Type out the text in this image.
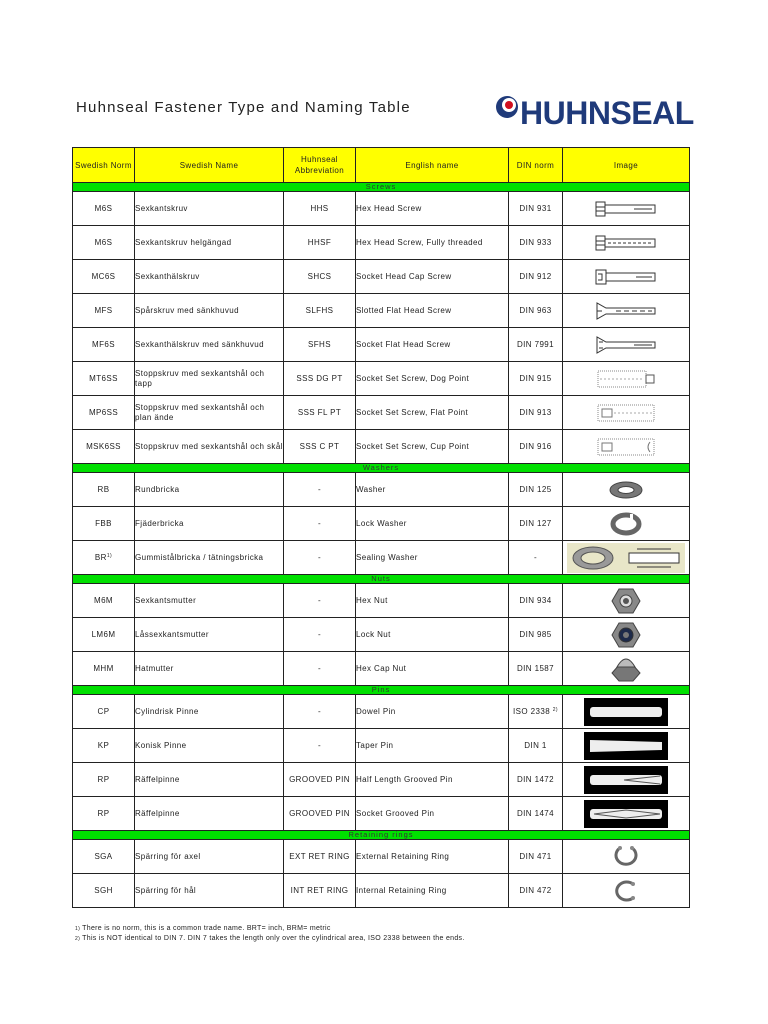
Huhnseal Fastener Type and Naming Table	HUHNSEAL
Swedish Norm	Swedish Name	Huhnseal Abbreviation	English name	DIN norm	Image
Screws					
M6S	Sexkantskruv	HHS	Hex Head Screw	DIN 931	
M6S	Sexkantskruv helgängad	HHSF	Hex Head Screw, Fully threaded	DIN 933	
MC6S	Sexkanthälskruv	SHCS	Socket Head Cap Screw	DIN 912	
MFS	Spårskruv med sänkhuvud	SLFHS	Slotted Flat Head Screw	DIN 963	
MF6S	Sexkanthälskruv med sänkhuvud	SFHS	Socket Flat Head Screw	DIN 7991	
MT6SS	Stoppskruv med sexkantshål och tapp	SSS DG PT	Socket Set Screw, Dog Point	DIN 915	
MP6SS	Stoppskruv med sexkantshål och plan ände	SSS FL PT	Socket Set Screw, Flat Point	DIN 913	
MSK6SS	Stoppskruv med sexkantshål och skål	SSS C PT	Socket Set Screw, Cup Point	DIN 916	
Washers					
RB	Rundbricka	-	Washer	DIN 125	
FBB	Fjäderbricka	-	Lock Washer	DIN 127	
BR$^{1)}$	Gummistålbricka / tätningsbricka	-	Sealing Washer	-	
Nuts					
M6M	Sexkantsmutter	-	Hex Nut	DIN 934	
LM6M	Låssexkantsmutter	-	Lock Nut	DIN 985	
MHM	Hatmutter	-	Hex Cap Nut	DIN 1587	
Pins					
CP	Cylindrisk Pinne	-	Dowel Pin	ISO 2338 $^{2)}$	
KP	Konisk Pinne	-	Taper Pin	DIN 1	
RP	Räffelpinne	GROOVED PIN	Half Length Grooved Pin	DIN 1472	
RP	Räffelpinne	GROOVED PIN	Socket Grooved Pin	DIN 1474	
Retaining rings					
SGA	Spärring för axel	EXT RET RING	External Retaining Ring	DIN 471	
SGH	Spärring för hål	INT RET RING	Internal Retaining Ring	DIN 472	
$^{1)}$ There is no norm, this is a common trade name. BRT= inch, BRM= metric
$^{2)}$ This is NOT identical to DIN 7. DIN 7 takes the length only over the cylindrical area, ISO 2338 between the ends.
